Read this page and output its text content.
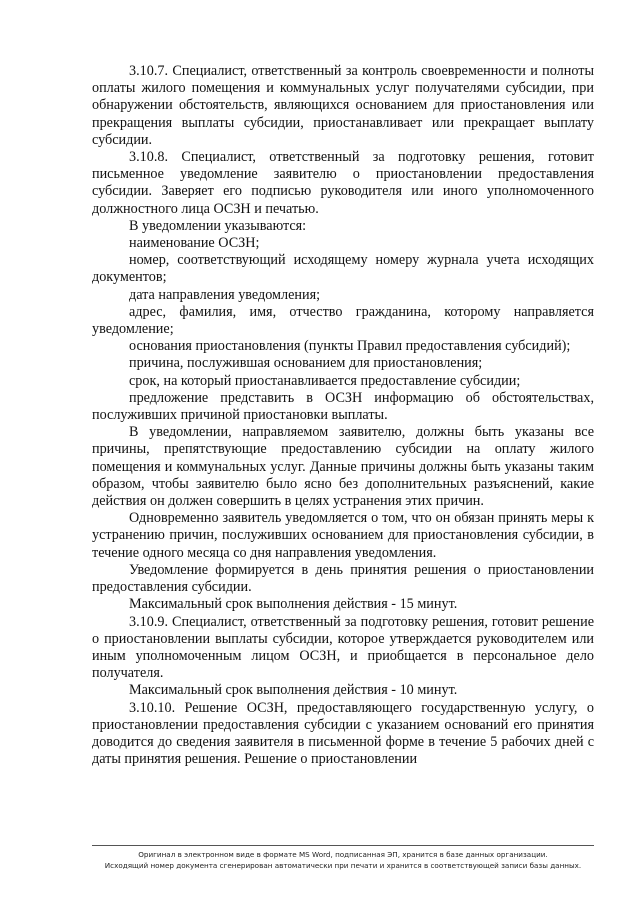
3.10.7. Специалист, ответственный за контроль своевременности и полноты оплаты жилого помещения и коммунальных услуг получателями субсидии, при обнаружении обстоятельств, являющихся основанием для приостановления или прекращения выплаты субсидии, приостанавливает или прекращает выплату субсидии.

3.10.8. Специалист, ответственный за подготовку решения, готовит письменное уведомление заявителю о приостановлении предоставления субсидии. Заверяет его подписью руководителя или иного уполномоченного должностного лица ОСЗН и печатью.

В уведомлении указываются:

наименование ОСЗН;

номер, соответствующий исходящему номеру журнала учета исходящих документов;

дата направления уведомления;

адрес, фамилия, имя, отчество гражданина, которому направляется уведомление;

основания приостановления (пункты Правил предоставления субсидий);

причина, послужившая основанием для приостановления;

срок, на который приостанавливается предоставление субсидии;

предложение представить в ОСЗН информацию об обстоятельствах, послуживших причиной приостановки выплаты.

В уведомлении, направляемом заявителю, должны быть указаны все причины, препятствующие предоставлению субсидии на оплату жилого помещения и коммунальных услуг. Данные причины должны быть указаны таким образом, чтобы заявителю было ясно без дополнительных разъяснений, какие действия он должен совершить в целях устранения этих причин.

Одновременно заявитель уведомляется о том, что он обязан принять меры к устранению причин, послуживших основанием для приостановления субсидии, в течение одного месяца со дня направления уведомления.

Уведомление формируется в день принятия решения о приостановлении предоставления субсидии.

Максимальный срок выполнения действия - 15 минут.

3.10.9. Специалист, ответственный за подготовку решения, готовит решение о приостановлении выплаты субсидии, которое утверждается руководителем или иным уполномоченным лицом ОСЗН, и приобщается в персональное дело получателя.

Максимальный срок выполнения действия - 10 минут.

3.10.10. Решение ОСЗН, предоставляющего государственную услугу, о приостановлении предоставления субсидии с указанием оснований его принятия доводится до сведения заявителя в письменной форме в течение 5 рабочих дней с даты принятия решения. Решение о приостановлении

Оригинал в электронном виде в формате MS Word, подписанная ЭП, хранится в базе данных организации.
Исходящий номер документа сгенерирован автоматически при печати и хранится в соответствующей записи базы данных.
